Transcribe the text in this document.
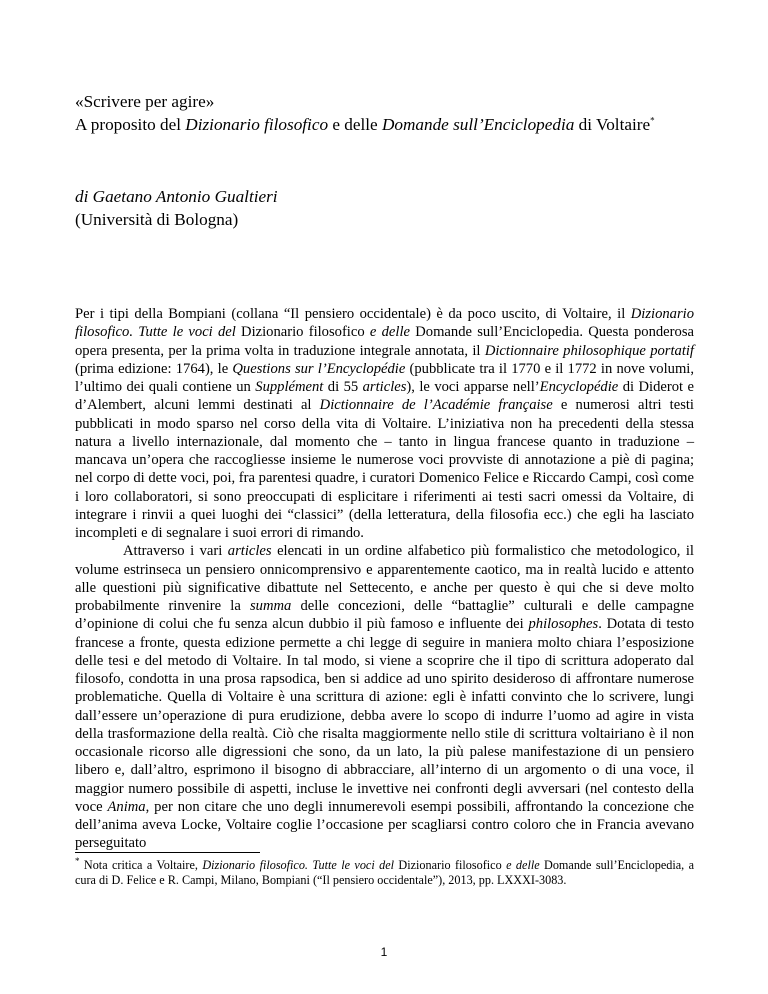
«Scrivere per agire»
A proposito del Dizionario filosofico e delle Domande sull’Enciclopedia di Voltaire*
di Gaetano Antonio Gualtieri
(Università di Bologna)

Per i tipi della Bompiani (collana “Il pensiero occidentale) è da poco uscito, di Voltaire, il Dizionario filosofico. Tutte le voci del Dizionario filosofico e delle Domande sull’Enciclopedia. Questa ponderosa opera presenta, per la prima volta in traduzione integrale annotata, il Dictionnaire philosophique portatif (prima edizione: 1764), le Questions sur l’Encyclopédie (pubblicate tra il 1770 e il 1772 in nove volumi, l’ultimo dei quali contiene un Supplément di 55 articles), le voci apparse nell’Encyclopédie di Diderot e d’Alembert, alcuni lemmi destinati al Dictionnaire de l’Académie française e numerosi altri testi pubblicati in modo sparso nel corso della vita di Voltaire. L’iniziativa non ha precedenti della stessa natura a livello internazionale, dal momento che – tanto in lingua francese quanto in traduzione – mancava un’opera che raccogliesse insieme le numerose voci provviste di annotazione a piè di pagina; nel corpo di dette voci, poi, fra parentesi quadre, i curatori Domenico Felice e Riccardo Campi, così come i loro collaboratori, si sono preoccupati di esplicitare i riferimenti ai testi sacri omessi da Voltaire, di integrare i rinvii a quei luoghi dei “classici” (della letteratura, della filosofia ecc.) che egli ha lasciato incompleti e di segnalare i suoi errori di rimando.

Attraverso i vari articles elencati in un ordine alfabetico più formalistico che metodologico, il volume estrinseca un pensiero onnicomprensivo e apparentemente caotico, ma in realtà lucido e attento alle questioni più significative dibattute nel Settecento, e anche per questo è qui che si deve molto probabilmente rinvenire la summa delle concezioni, delle “battaglie” culturali e delle campagne d’opinione di colui che fu senza alcun dubbio il più famoso e influente dei philosophes. Dotata di testo francese a fronte, questa edizione permette a chi legge di seguire in maniera molto chiara l’esposizione delle tesi e del metodo di Voltaire. In tal modo, si viene a scoprire che il tipo di scrittura adoperato dal filosofo, condotta in una prosa rapsodica, ben si addice ad uno spirito desideroso di affrontare numerose problematiche. Quella di Voltaire è una scrittura di azione: egli è infatti convinto che lo scrivere, lungi dall’essere un’operazione di pura erudizione, debba avere lo scopo di indurre l’uomo ad agire in vista della trasformazione della realtà. Ciò che risalta maggiormente nello stile di scrittura voltairiano è il non occasionale ricorso alle digressioni che sono, da un lato, la più palese manifestazione di un pensiero libero e, dall’altro, esprimono il bisogno di abbracciare, all’interno di un argomento o di una voce, il maggior numero possibile di aspetti, incluse le invettive nei confronti degli avversari (nel contesto della voce Anima, per non citare che uno degli innumerevoli esempi possibili, affrontando la concezione che dell’anima aveva Locke, Voltaire coglie l’occasione per scagliarsi contro coloro che in Francia avevano perseguitato

* Nota critica a Voltaire, Dizionario filosofico. Tutte le voci del Dizionario filosofico e delle Domande sull’Enciclopedia, a cura di D. Felice e R. Campi, Milano, Bompiani (“Il pensiero occidentale”), 2013, pp. LXXXI-3083.
1
